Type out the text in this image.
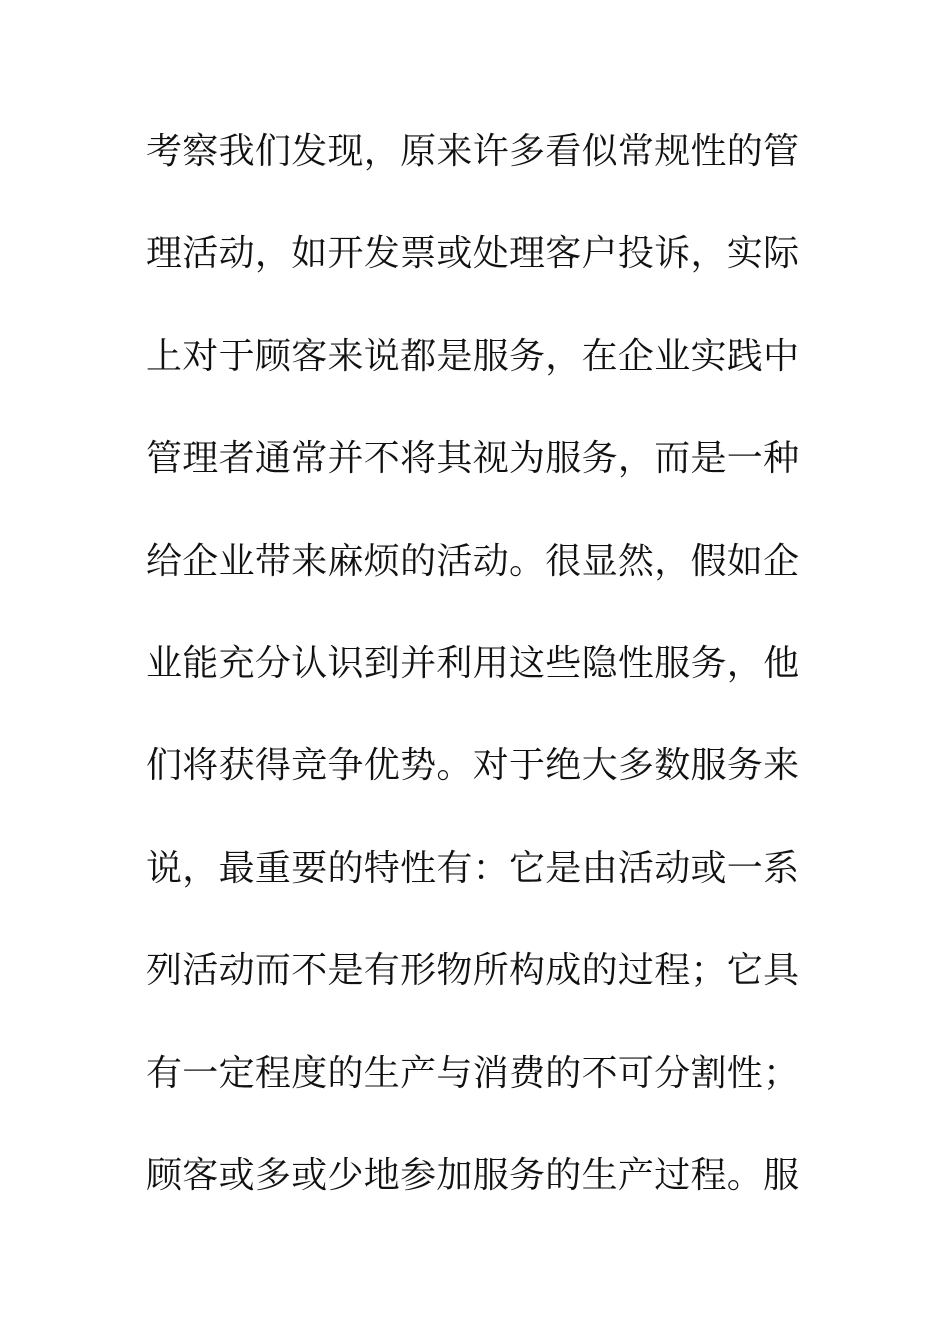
考察我们发现，原来许多看似常规性的管
理活动，如开发票或处理客户投诉，实际
上对于顾客来说都是服务，在企业实践中
管理者通常并不将其视为服务，而是一种
给企业带来麻烦的活动。很显然，假如企
业能充分认识到并利用这些隐性服务，他
们将获得竞争优势。对于绝大多数服务来
说，最重要的特性有：它是由活动或一系
列活动而不是有形物所构成的过程；它具
有一定程度的生产与消费的不可分割性；
顾客或多或少地参加服务的生产过程。服
